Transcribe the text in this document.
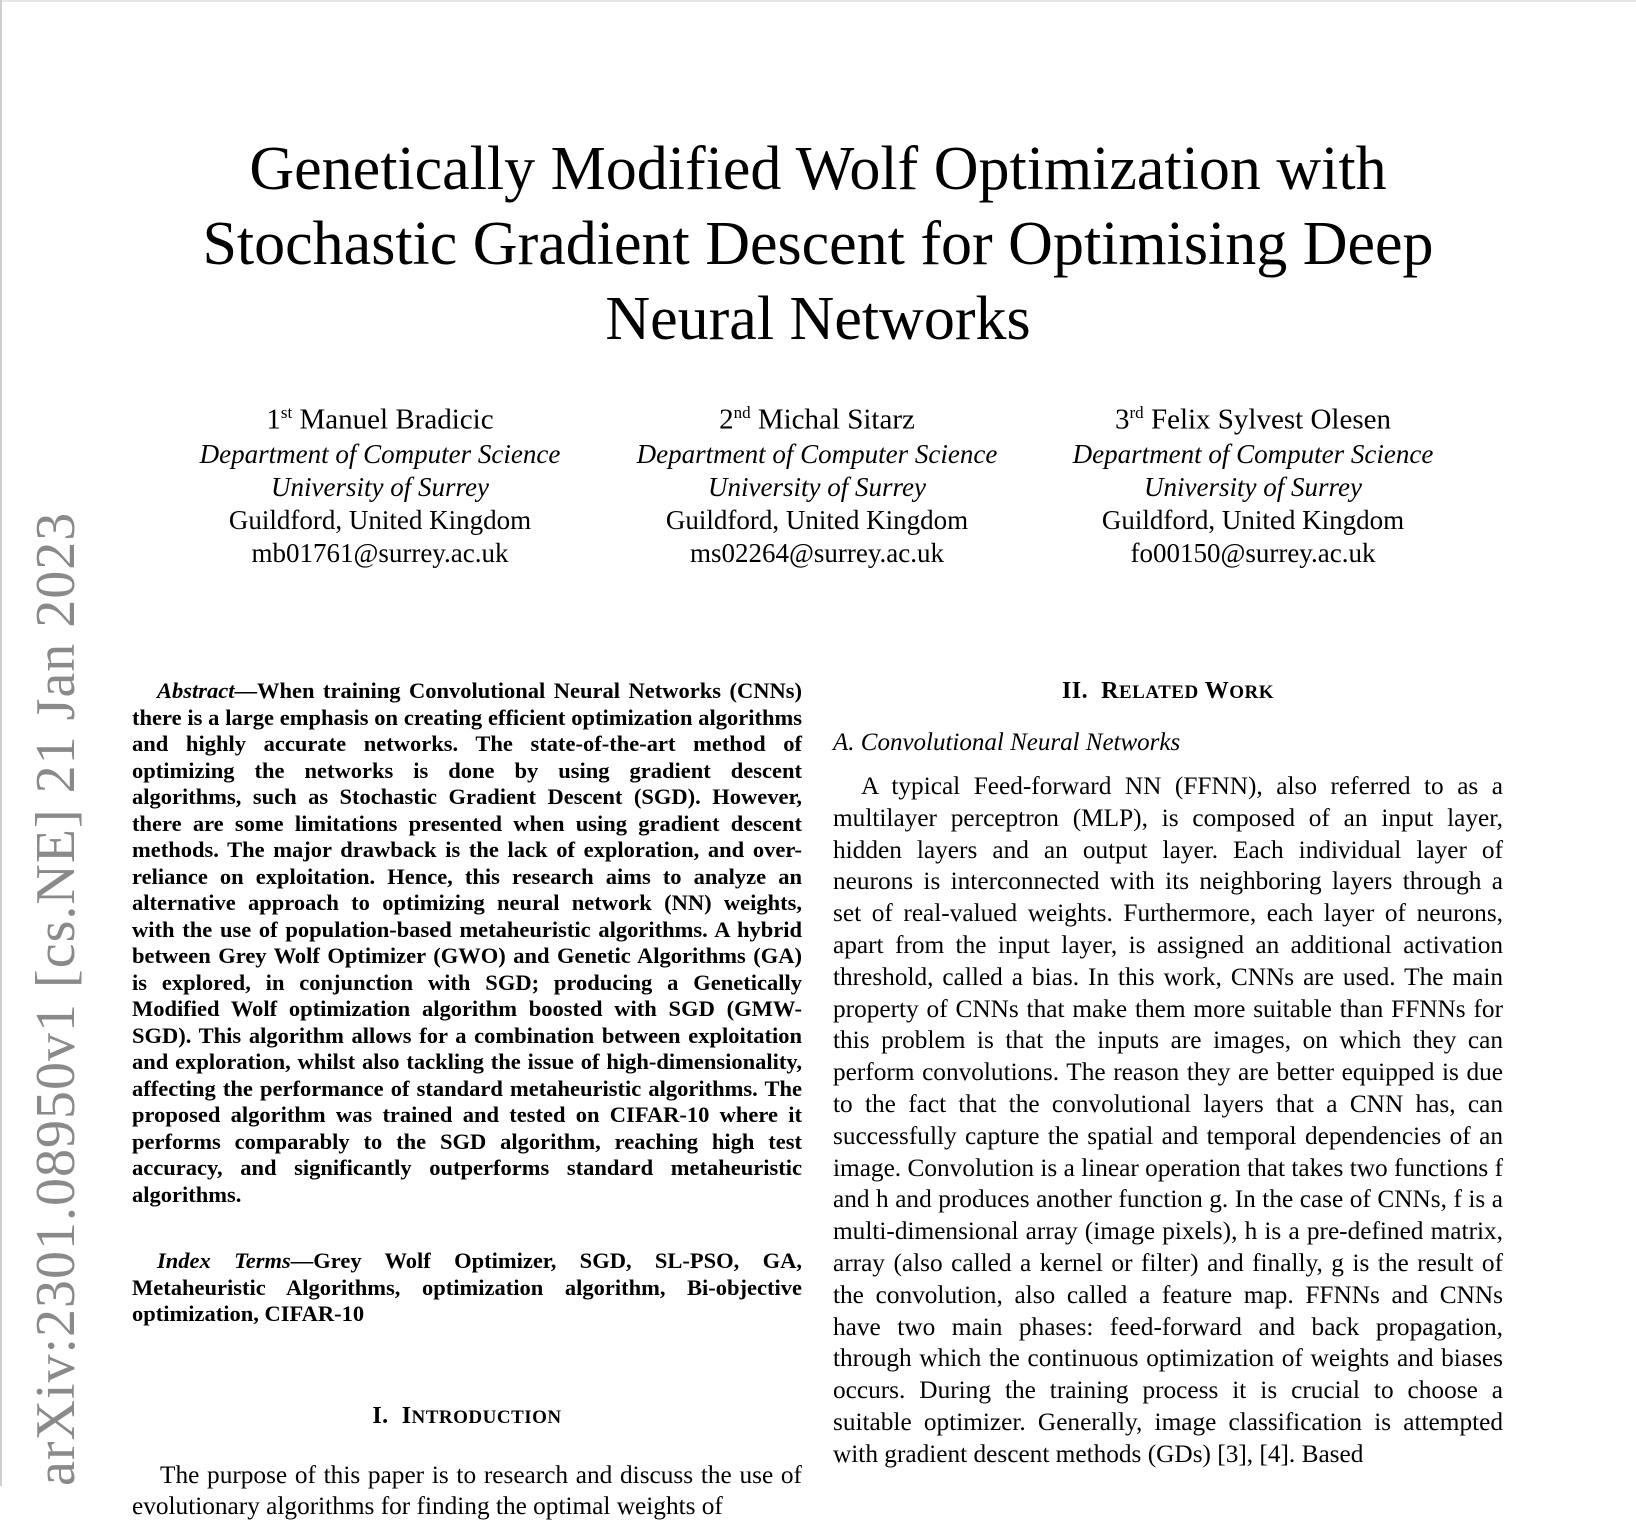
arXiv:2301.08950v1 [cs.NE] 21 Jan 2023
Genetically Modified Wolf Optimization with Stochastic Gradient Descent for Optimising Deep Neural Networks
1st Manuel Bradicic
Department of Computer Science
University of Surrey
Guildford, United Kingdom
mb01761@surrey.ac.uk
2nd Michal Sitarz
Department of Computer Science
University of Surrey
Guildford, United Kingdom
ms02264@surrey.ac.uk
3rd Felix Sylvest Olesen
Department of Computer Science
University of Surrey
Guildford, United Kingdom
fo00150@surrey.ac.uk

Abstract—When training Convolutional Neural Networks (CNNs) there is a large emphasis on creating efficient optimization algorithms and highly accurate networks. The state-of-the-art method of optimizing the networks is done by using gradient descent algorithms, such as Stochastic Gradient Descent (SGD). However, there are some limitations presented when using gradient descent methods. The major drawback is the lack of exploration, and over-reliance on exploitation. Hence, this research aims to analyze an alternative approach to optimizing neural network (NN) weights, with the use of population-based metaheuristic algorithms. A hybrid between Grey Wolf Optimizer (GWO) and Genetic Algorithms (GA) is explored, in conjunction with SGD; producing a Genetically Modified Wolf optimization algorithm boosted with SGD (GMW-SGD). This algorithm allows for a combination between exploitation and exploration, whilst also tackling the issue of high-dimensionality, affecting the performance of standard metaheuristic algorithms. The proposed algorithm was trained and tested on CIFAR-10 where it performs comparably to the SGD algorithm, reaching high test accuracy, and significantly outperforms standard metaheuristic algorithms.

Index Terms—Grey Wolf Optimizer, SGD, SL-PSO, GA, Metaheuristic Algorithms, optimization algorithm, Bi-objective optimization, CIFAR-10

I. INTRODUCTION

The purpose of this paper is to research and discuss the use of evolutionary algorithms for finding the optimal weights of

II. RELATED WORK
A. Convolutional Neural Networks

A typical Feed-forward NN (FFNN), also referred to as a multilayer perceptron (MLP), is composed of an input layer, hidden layers and an output layer. Each individual layer of neurons is interconnected with its neighboring layers through a set of real-valued weights. Furthermore, each layer of neurons, apart from the input layer, is assigned an additional activation threshold, called a bias. In this work, CNNs are used. The main property of CNNs that make them more suitable than FFNNs for this problem is that the inputs are images, on which they can perform convolutions. The reason they are better equipped is due to the fact that the convolutional layers that a CNN has, can successfully capture the spatial and temporal dependencies of an image. Convolution is a linear operation that takes two functions f and h and produces another function g. In the case of CNNs, f is a multi-dimensional array (image pixels), h is a pre-defined matrix, array (also called a kernel or filter) and finally, g is the result of the convolution, also called a feature map. FFNNs and CNNs have two main phases: feed-forward and back propagation, through which the continuous optimization of weights and biases occurs. During the training process it is crucial to choose a suitable optimizer. Generally, image classification is attempted with gradient descent methods (GDs) [3], [4]. Based
